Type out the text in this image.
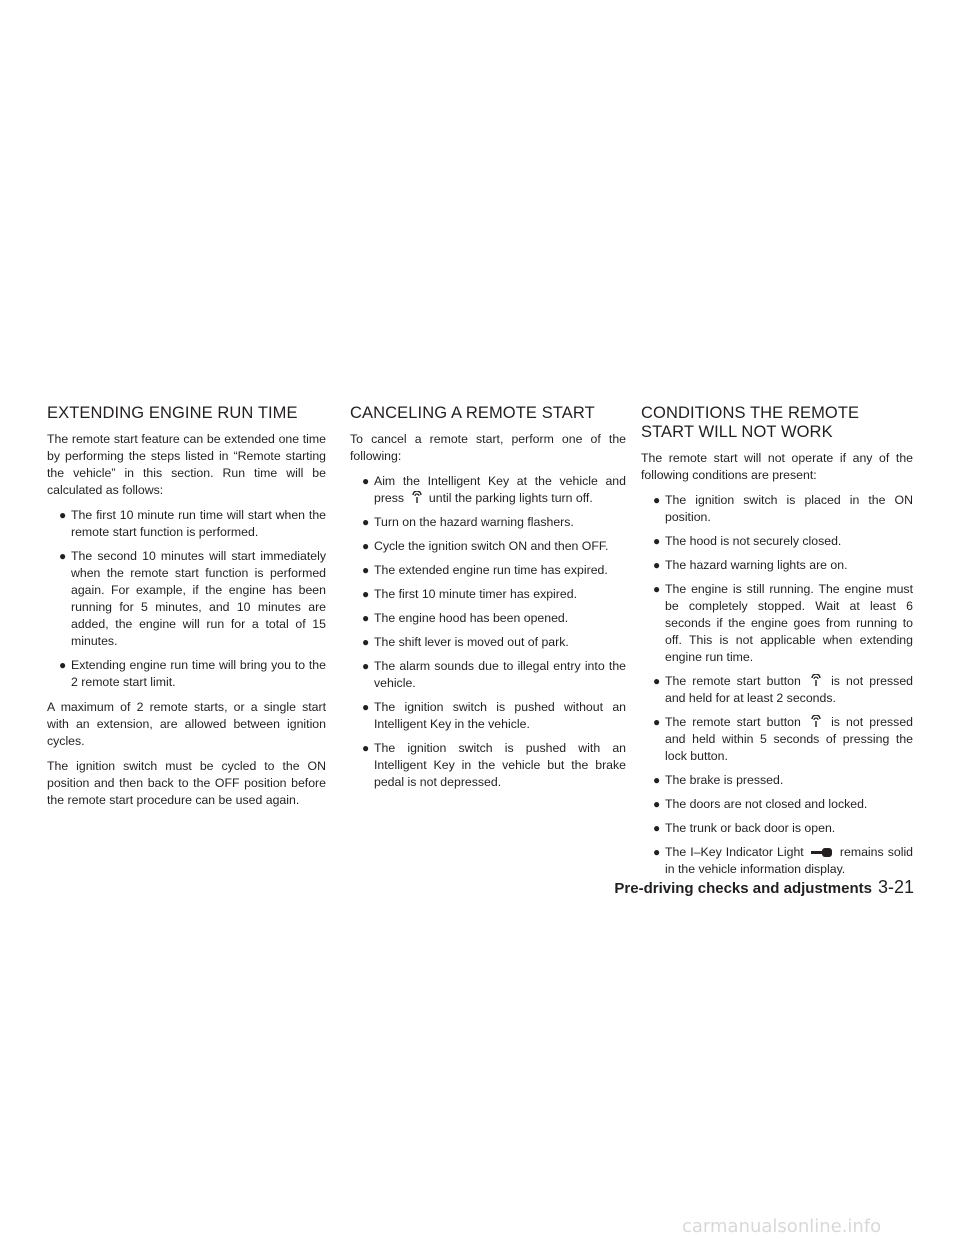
EXTENDING ENGINE RUN TIME

The remote start feature can be extended one time by performing the steps listed in “Remote starting the vehicle” in this section. Run time will be calculated as follows:

● The first 10 minute run time will start when the remote start function is performed.
● The second 10 minutes will start immediately when the remote start function is performed again. For example, if the engine has been running for 5 minutes, and 10 minutes are added, the engine will run for a total of 15 minutes.
● Extending engine run time will bring you to the 2 remote start limit.

A maximum of 2 remote starts, or a single start with an extension, are allowed between ignition cycles.

The ignition switch must be cycled to the ON position and then back to the OFF position before the remote start procedure can be used again.

CANCELING A REMOTE START

To cancel a remote start, perform one of the following:

● Aim the Intelligent Key at the vehicle and press until the parking lights turn off.
● Turn on the hazard warning flashers.
● Cycle the ignition switch ON and then OFF.
● The extended engine run time has expired.
● The first 10 minute timer has expired.
● The engine hood has been opened.
● The shift lever is moved out of park.
● The alarm sounds due to illegal entry into the vehicle.
● The ignition switch is pushed without an Intelligent Key in the vehicle.
● The ignition switch is pushed with an Intelligent Key in the vehicle but the brake pedal is not depressed.
CONDITIONS THE REMOTE START WILL NOT WORK

The remote start will not operate if any of the following conditions are present:

● The ignition switch is placed in the ON position.
● The hood is not securely closed.
● The hazard warning lights are on.
● The engine is still running. The engine must be completely stopped. Wait at least 6 seconds if the engine goes from running to off. This is not applicable when extending engine run time.
● The remote start button is not pressed and held for at least 2 seconds.
● The remote start button is not pressed and held within 5 seconds of pressing the lock button.
● The brake is pressed.
● The doors are not closed and locked.
● The trunk or back door is open.
● The I–Key Indicator Light	remains solid in the vehicle information display.
Pre-driving checks and adjustments 3-21
carmanualsonline.info
